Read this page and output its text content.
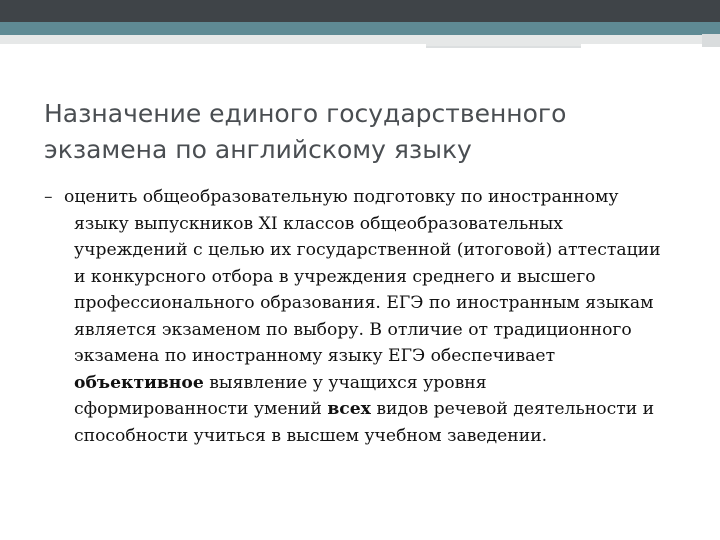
Назначение единого государственного
экзамена по английскому языку
– оценить общеобразовательную подготовку по иностранному языку выпускников XI классов общеобразовательных учреждений с целью их государственной (итоговой) аттестации и конкурсного отбора в учреждения среднего и высшего профессионального образования. ЕГЭ по иностранным языкам является экзаменом по выбору. В отличие от традиционного экзамена по иностранному языку ЕГЭ обеспечивает объективное выявление у учащихся уровня сформированности умений всех видов речевой деятельности и способности учиться в высшем учебном заведении.
